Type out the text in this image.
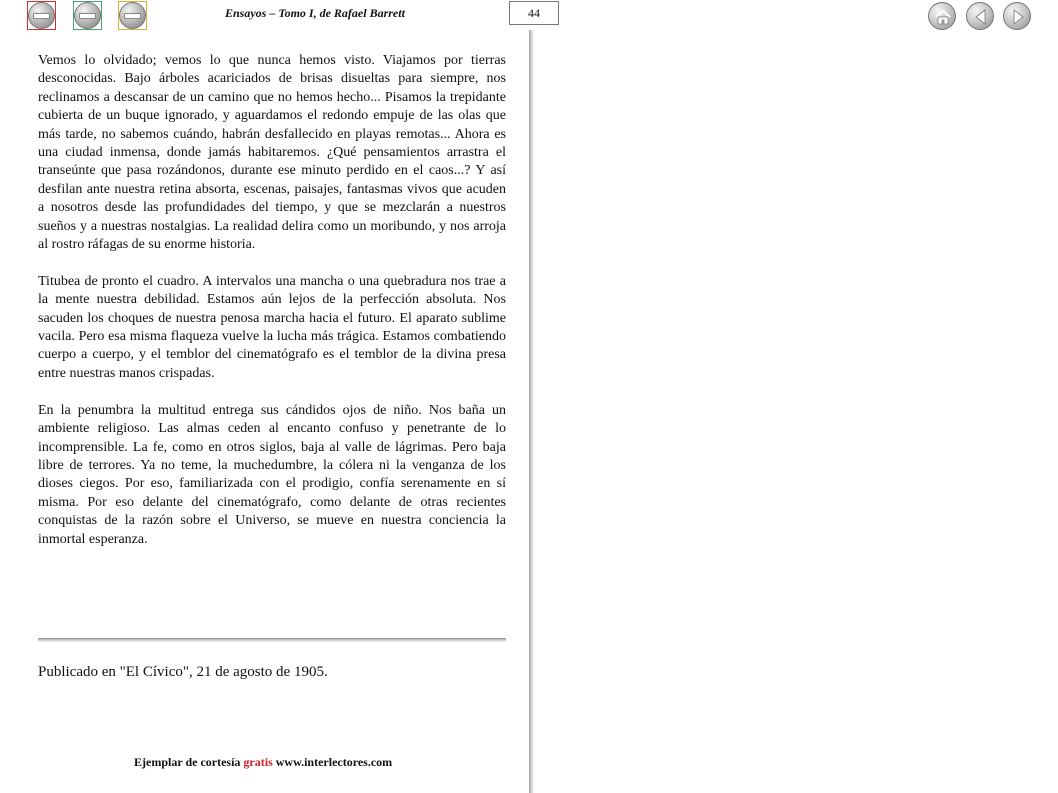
Ensayos – Tomo I, de Rafael Barrett	44

Vemos lo olvidado; vemos lo que nunca hemos visto. Viajamos por tierras desconocidas. Bajo árboles acariciados de brisas disueltas para siempre, nos reclinamos a descansar de un camino que no hemos hecho... Pisamos la trepidante cubierta de un buque ignorado, y aguardamos el redondo empuje de las olas que más tarde, no sabemos cuándo, habrán desfallecido en playas remotas... Ahora es una ciudad inmensa, donde jamás habitaremos. ¿Qué pensamientos arrastra el transeúnte que pasa rozándonos, durante ese minuto perdido en el caos...? Y así desfilan ante nuestra retina absorta, escenas, paisajes, fantasmas vivos que acuden a nosotros desde las profundidades del tiempo, y que se mezclarán a nuestros sueños y a nuestras nostalgias. La realidad delira como un moribundo, y nos arroja al rostro ráfagas de su enorme historia.

Titubea de pronto el cuadro. A intervalos una mancha o una quebradura nos trae a la mente nuestra debilidad. Estamos aún lejos de la perfección absoluta. Nos sacuden los choques de nuestra penosa marcha hacia el futuro. El aparato sublime vacila. Pero esa misma flaqueza vuelve la lucha más trágica. Estamos combatiendo cuerpo a cuerpo, y el temblor del cinematógrafo es el temblor de la divina presa entre nuestras manos crispadas.

En la penumbra la multitud entrega sus cándidos ojos de niño. Nos baña un ambiente religioso. Las almas ceden al encanto confuso y penetrante de lo incomprensible. La fe, como en otros siglos, baja al valle de lágrimas. Pero baja libre de terrores. Ya no teme, la muchedumbre, la cólera ni la venganza de los dioses ciegos. Por eso, familiarizada con el prodigio, confía serenamente en sí misma. Por eso delante del cinematógrafo, como delante de otras recientes conquistas de la razón sobre el Universo, se mueve en nuestra conciencia la inmortal esperanza.

Publicado en "El Cívico", 21 de agosto de 1905.
Ejemplar de cortesía gratis www.interlectores.com
